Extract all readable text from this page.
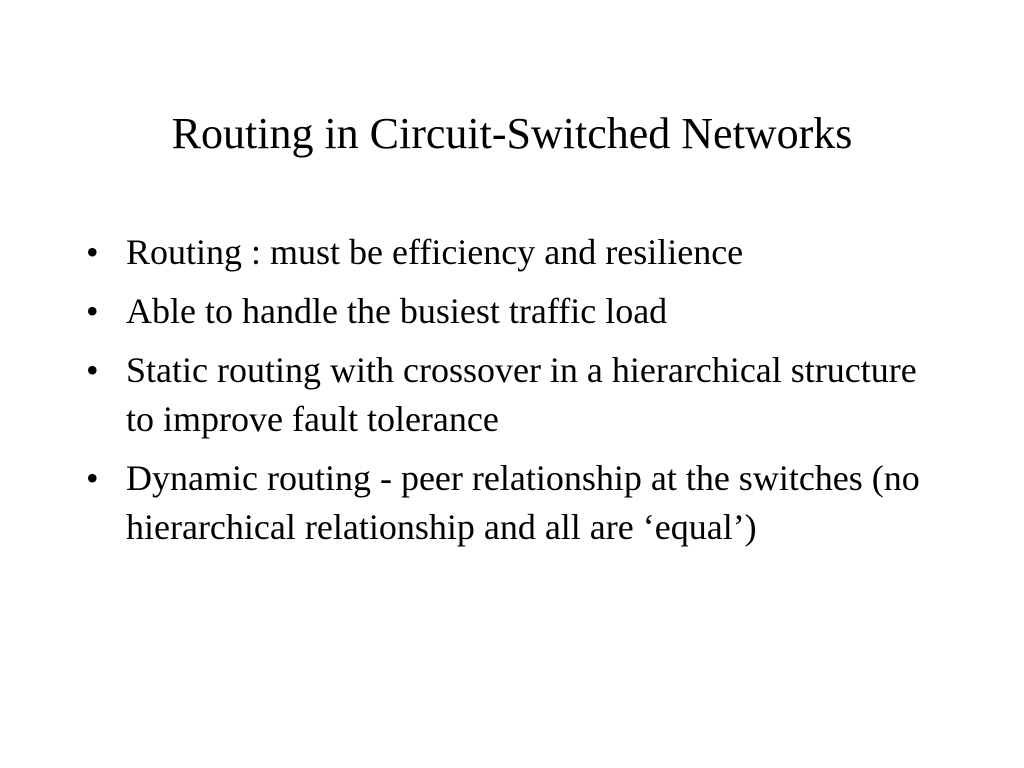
Routing in Circuit-Switched Networks
• Routing : must be efficiency and resilience
• Able to handle the busiest traffic load
• Static routing with crossover in a hierarchical structure to improve fault tolerance
• Dynamic routing - peer relationship at the switches (no hierarchical relationship and all are ‘equal’)
